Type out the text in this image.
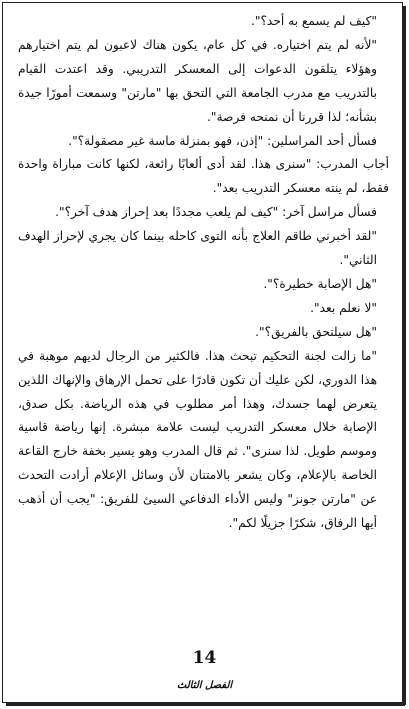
"كيف لم يسمع به أحد؟".

"لأنه لم يتم اختياره. في كل عام، يكون هناك لاعبون لم يتم اختيارهم وهؤلاء يتلقون الدعوات إلى المعسكر التدريبي. وقد اعتدت القيام بالتدريب مع مدرب الجامعة التي التحق بها "مارتن" وسمعت أمورًا جيدة بشأنه؛ لذا قررنا أن نمنحه فرصة".

فسأل أحد المراسلين: "إذن، فهو بمنزلة ماسة غير مصقولة؟".

أجاب المدرب: "سنرى هذا. لقد أدى ألعابًا رائعة، لكنها كانت مباراة واحدة فقط، لم ينته معسكر التدريب بعد".

فسأل مراسل آخر: "كيف لم يلعب مجددًا بعد إحراز هدف آخر؟".

"لقد أخبرني طاقم العلاج بأنه التوى كاحله بينما كان يجري لإحراز الهدف الثاني".

"هل الإصابة خطيرة؟".

"لا نعلم بعد".

"هل سيلتحق بالفريق؟".

"ما زالت لجنة التحكيم تبحث هذا. فالكثير من الرجال لديهم موهبة في هذا الدوري، لكن عليك أن تكون قادرًا على تحمل الإرهاق والإنهاك اللذين يتعرض لهما جسدك، وهذا أمر مطلوب في هذه الرياضة. بكل صدق، الإصابة خلال معسكر التدريب ليست علامة مبشرة. إنها رياضة قاسية وموسم طويل. لذا سنرى". ثم قال المدرب وهو يسير بخفة خارج القاعة الخاصة بالإعلام، وكان يشعر بالامتنان لأن وسائل الإعلام أرادت التحدث عن "مارتن جونز" وليس الأداء الدفاعي السيئ للفريق: "يجب أن أذهب أيها الرفاق، شكرًا جزيلًا لكم".

14
الفصل الثالث
